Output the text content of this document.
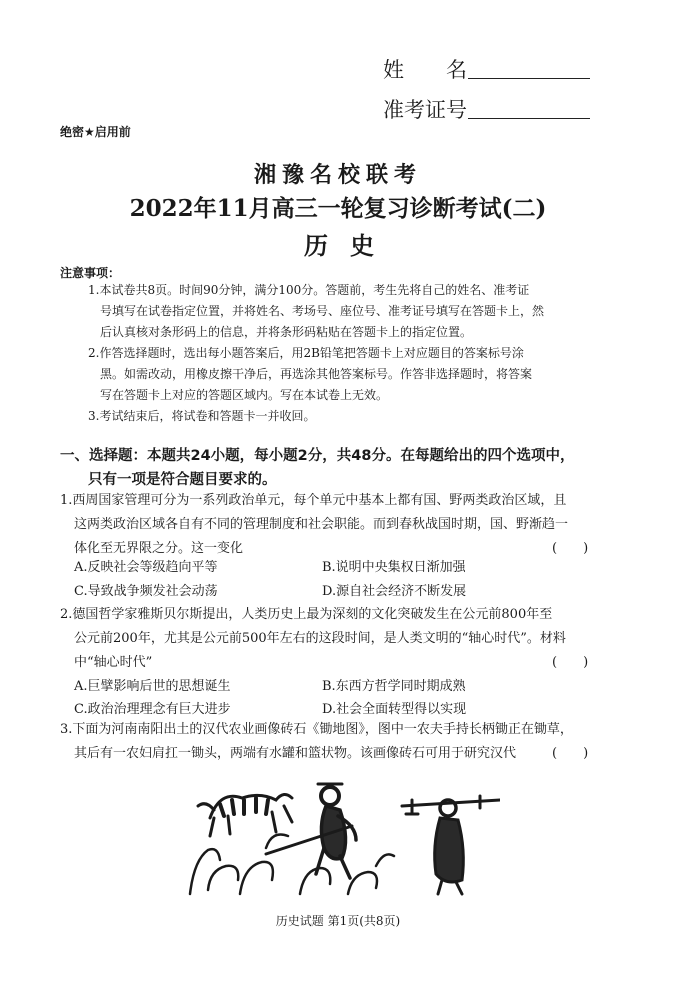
姓　　名
准考证号
绝密★启用前
湘豫名校联考
2022年11月高三一轮复习诊断考试(二)
历史
注意事项：
1.本试卷共8页。时间90分钟，满分100分。答题前，考生先将自己的姓名、准考证
号填写在试卷指定位置，并将姓名、考场号、座位号、准考证号填写在答题卡上，然
后认真核对条形码上的信息，并将条形码粘贴在答题卡上的指定位置。
2.作答选择题时，选出每小题答案后，用2B铅笔把答题卡上对应题目的答案标号涂
黑。如需改动，用橡皮擦干净后，再选涂其他答案标号。作答非选择题时，将答案
写在答题卡上对应的答题区域内。写在本试卷上无效。
3.考试结束后，将试卷和答题卡一并收回。
一、选择题：本题共24小题，每小题2分，共48分。在每题给出的四个选项中，
只有一项是符合题目要求的。
1.西周国家管理可分为一系列政治单元，每个单元中基本上都有国、野两类政治区域，且
这两类政治区域各自有不同的管理制度和社会职能。而到春秋战国时期，国、野渐趋一
体化至无界限之分。这一变化	(　　)
A.反映社会等级趋向平等	B.说明中央集权日渐加强
C.导致战争频发社会动荡	D.源自社会经济不断发展
2.德国哲学家雅斯贝尔斯提出，人类历史上最为深刻的文化突破发生在公元前800年至
公元前200年，尤其是公元前500年左右的这段时间，是人类文明的“轴心时代”。材料
中“轴心时代”	(　　)
A.巨擘影响后世的思想诞生	B.东西方哲学同时期成熟
C.政治治理理念有巨大进步	D.社会全面转型得以实现
3.下面为河南南阳出土的汉代农业画像砖石《锄地图》，图中一农夫手持长柄锄正在锄草，
其后有一农妇肩扛一锄头，两端有水罐和篮状物。该画像砖石可用于研究汉代	(　　)
历史试题 第1页(共8页)
